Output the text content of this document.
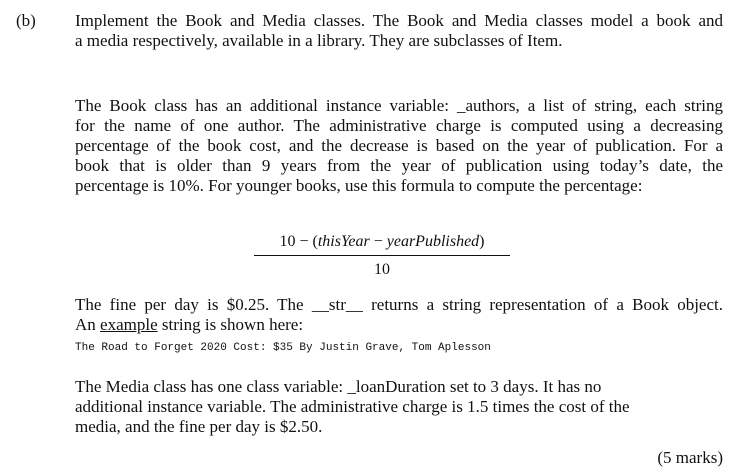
(b) Implement the Book and Media classes. The Book and Media classes model a book and
a media respectively, available in a library. They are subclasses of Item.
The Book class has an additional instance variable: _authors, a list of string, each string
for the name of one author. The administrative charge is computed using a decreasing
percentage of the book cost, and the decrease is based on the year of publication. For a
book that is older than 9 years from the year of publication using today’s date, the
percentage is 10%. For younger books, use this formula to compute the percentage:
10 − (thisYear − yearPublished)
10
The fine per day is $0.25. The __str__ returns a string representation of a Book object.
An example string is shown here:
The Road to Forget 2020 Cost: $35 By Justin Grave, Tom Aplesson
The Media class has one class variable: _loanDuration set to 3 days. It has no
additional instance variable. The administrative charge is 1.5 times the cost of the
media, and the fine per day is $2.50.
(5 marks)
